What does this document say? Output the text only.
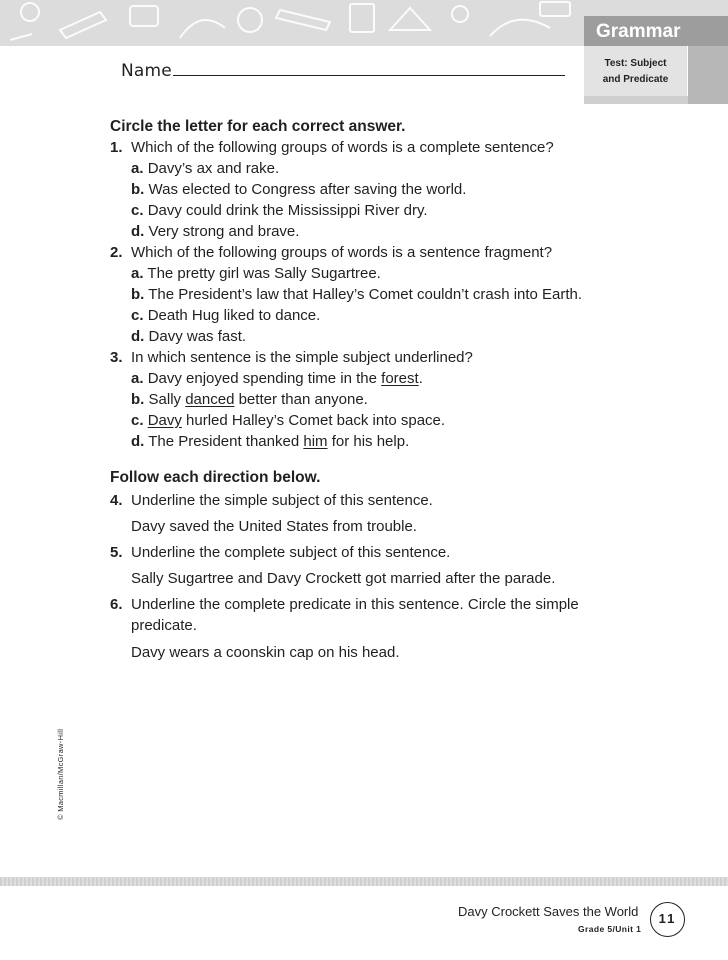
Grammar
Test: Subject
and Predicate
Name

Circle the letter for each correct answer.

1. Which of the following groups of words is a complete sentence?
a. Davy’s ax and rake.
b. Was elected to Congress after saving the world.
c. Davy could drink the Mississippi River dry.
d. Very strong and brave.
2. Which of the following groups of words is a sentence fragment?
a. The pretty girl was Sally Sugartree.
b. The President’s law that Halley’s Comet couldn’t crash into Earth.
c. Death Hug liked to dance.
d. Davy was fast.
3. In which sentence is the simple subject underlined?
a. Davy enjoyed spending time in the forest.
b. Sally danced better than anyone.
c. Davy hurled Halley’s Comet back into space.
d. The President thanked him for his help.

Follow each direction below.

4. Underline the simple subject of this sentence.
Davy saved the United States from trouble.
5. Underline the complete subject of this sentence.
Sally Sugartree and Davy Crockett got married after the parade.
6. Underline the complete predicate in this sentence. Circle the simple
predicate.
Davy wears a coonskin cap on his head.
© Macmillan/McGraw-Hill
Davy Crockett Saves the World
Grade 5/Unit 1
11
